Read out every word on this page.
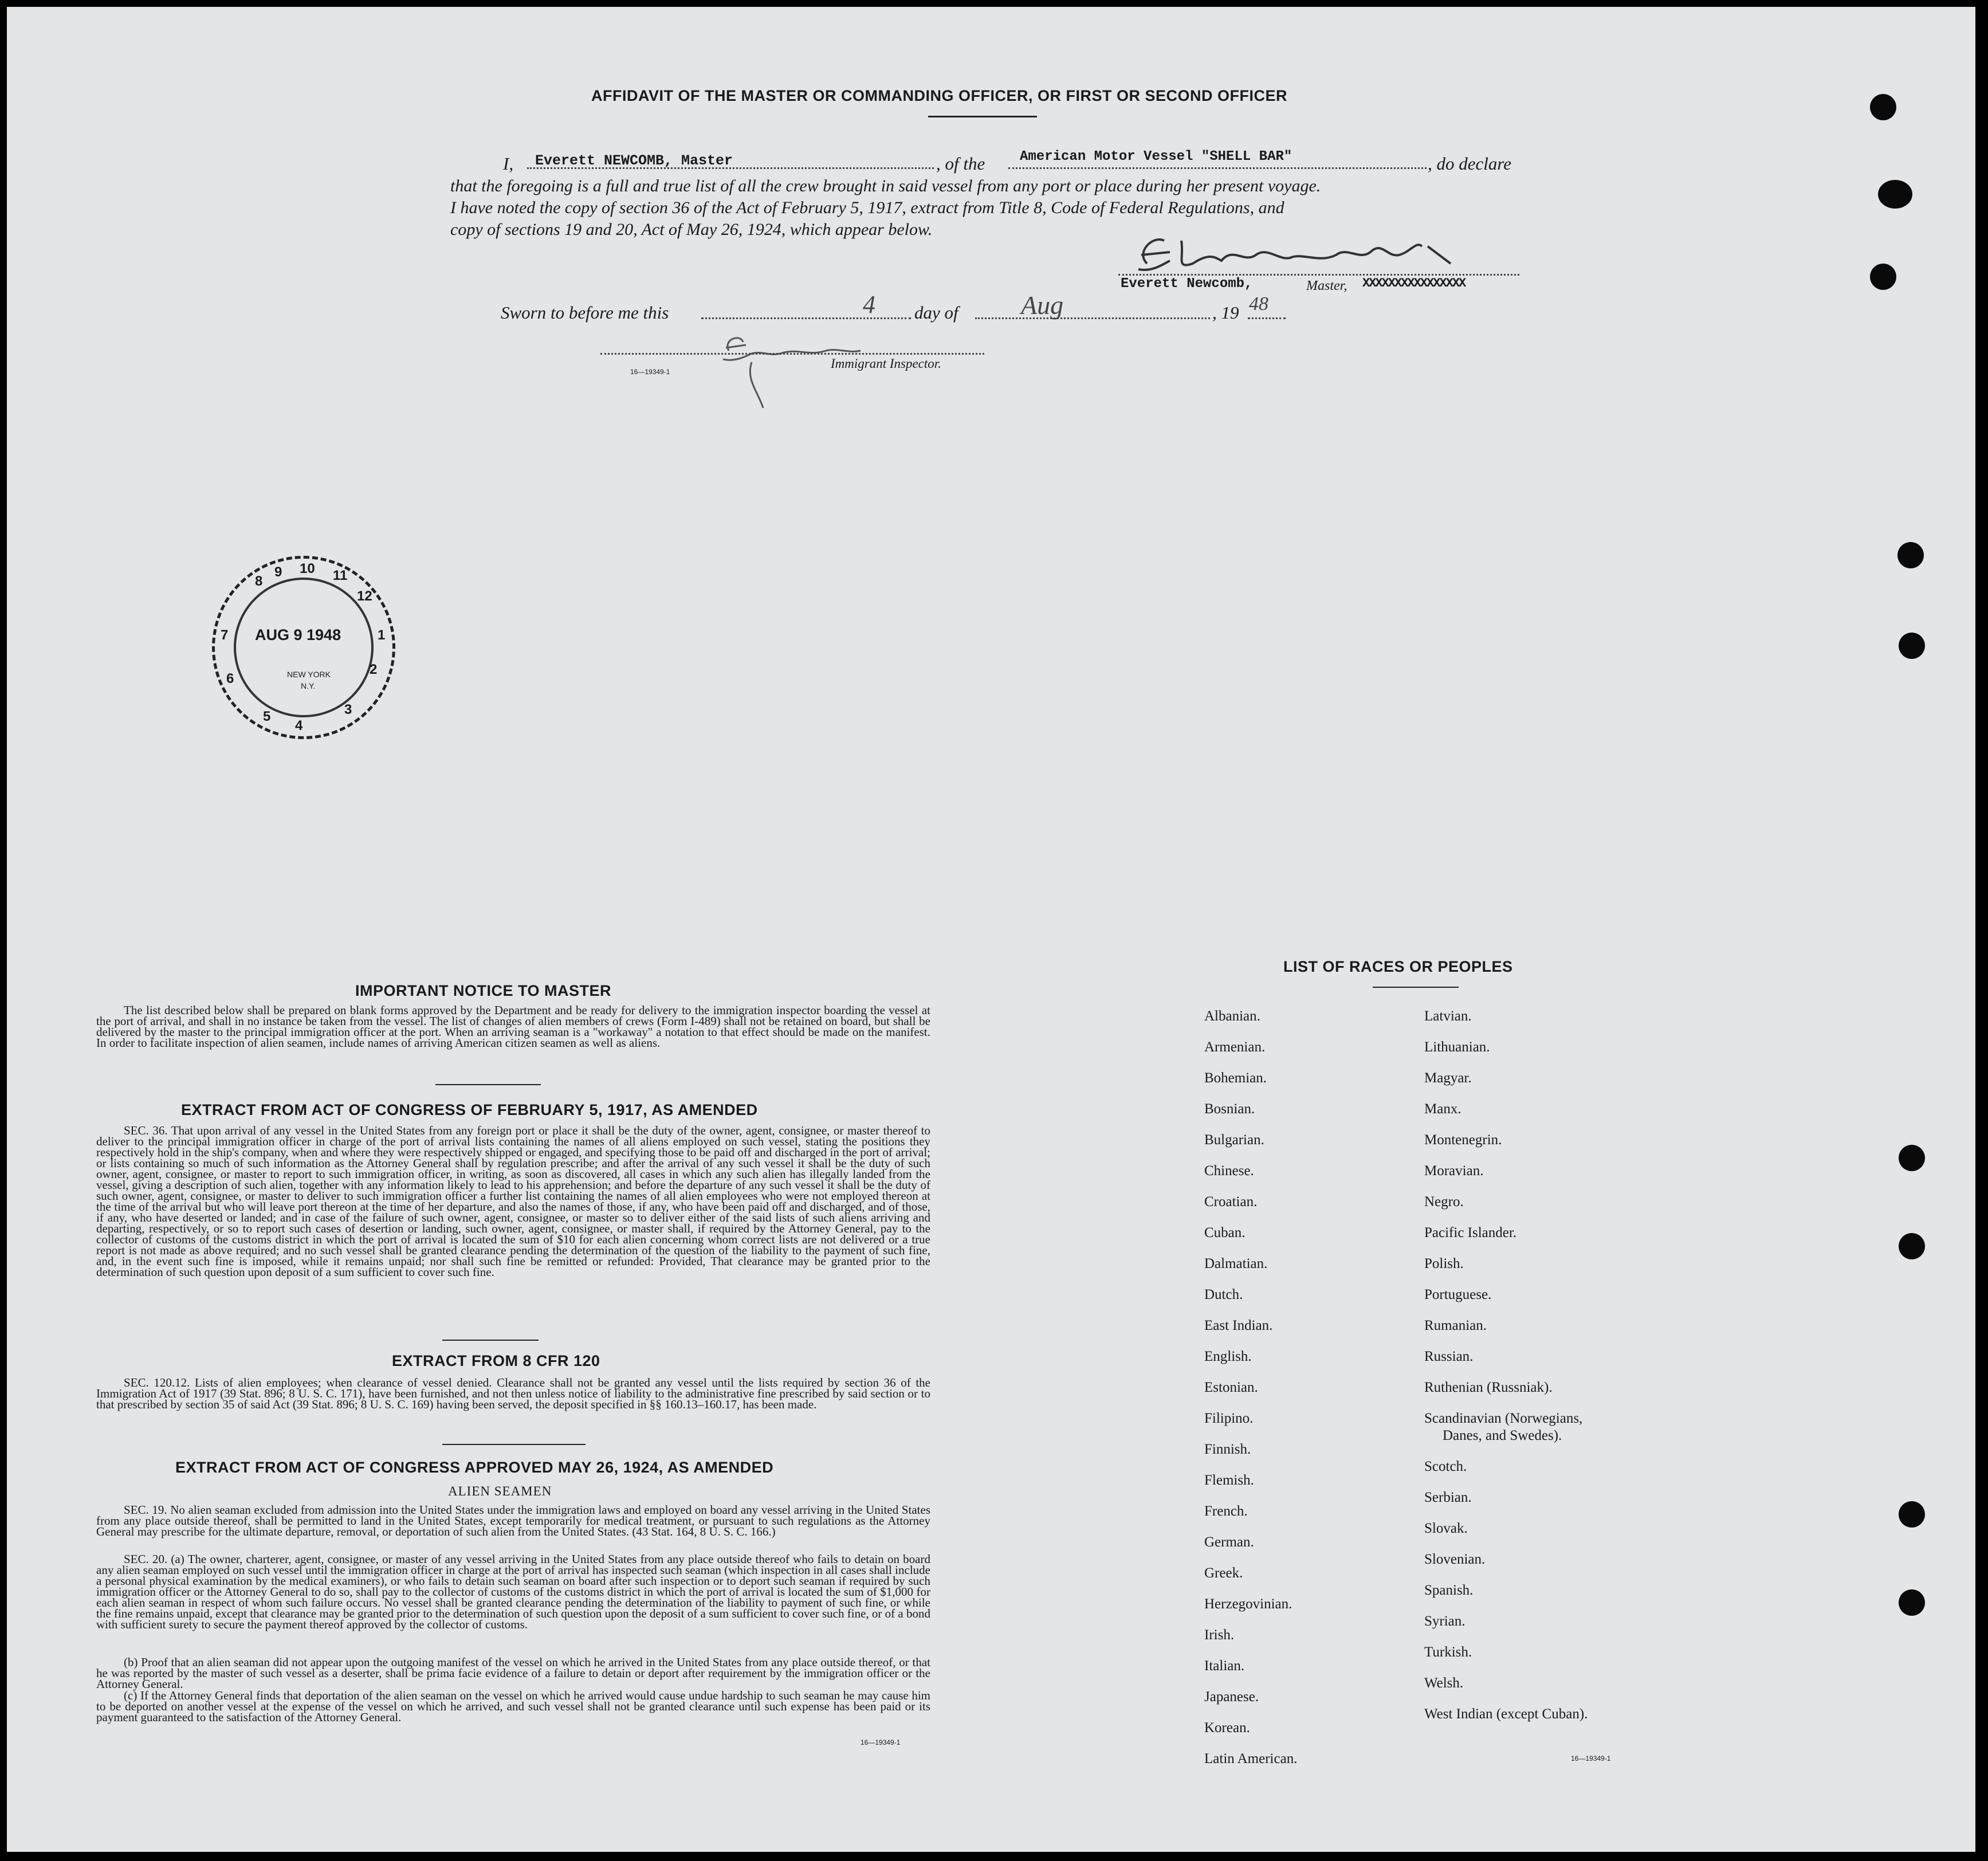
AFFIDAVIT OF THE MASTER OR COMMANDING OFFICER, OR FIRST OR SECOND OFFICER
I, Everett NEWCOMB, Master	, of the	American Motor Vessel "SHELL BAR"	, do declare
that the foregoing is a full and true list of all the crew brought in said vessel from any port or place during her present voyage.
I have noted the copy of section 36 of the Act of February 5, 1917, extract from Title 8, Code of Federal Regulations, and
copy of sections 19 and 20, Act of May 26, 1924, which appear below.
Everett Newcomb,	Master, XXXXXXXXXXXXXXXX
Sworn to before me this	4 day of Aug	, 19 48
16—19349-1
Immigrant Inspector.
8
9 10 11
12
1
2
3
4
5
6
7 AUG 9 1948
NEW YORK
N.Y.
IMPORTANT NOTICE TO MASTER
The list described below shall be prepared on blank forms approved by the Department and be ready for delivery to the immigration inspector boarding the vessel at the port of arrival, and shall in no instance be taken from the vessel. The list of changes of alien members of crews (Form I-489) shall not be retained on board, but shall be delivered by the master to the principal immigration officer at the port. When an arriving seaman is a "workaway" a notation to that effect should be made on the manifest. In order to facilitate inspection of alien seamen, include names of arriving American citizen seamen as well as aliens.
EXTRACT FROM ACT OF CONGRESS OF FEBRUARY 5, 1917, AS AMENDED
SEC. 36. That upon arrival of any vessel in the United States from any foreign port or place it shall be the duty of the owner, agent, consignee, or master thereof to deliver to the principal immigration officer in charge of the port of arrival lists containing the names of all aliens employed on such vessel, stating the positions they respectively hold in the ship's company, when and where they were respectively shipped or engaged, and specifying those to be paid off and discharged in the port of arrival; or lists containing so much of such information as the Attorney General shall by regulation prescribe; and after the arrival of any such vessel it shall be the duty of such owner, agent, consignee, or master to report to such immigration officer, in writing, as soon as discovered, all cases in which any such alien has illegally landed from the vessel, giving a description of such alien, together with any information likely to lead to his apprehension; and before the departure of any such vessel it shall be the duty of such owner, agent, consignee, or master to deliver to such immigration officer a further list containing the names of all alien employees who were not employed thereon at the time of the arrival but who will leave port thereon at the time of her departure, and also the names of those, if any, who have been paid off and discharged, and of those, if any, who have deserted or landed; and in case of the failure of such owner, agent, consignee, or master so to deliver either of the said lists of such aliens arriving and departing, respectively, or so to report such cases of desertion or landing, such owner, agent, consignee, or master shall, if required by the Attorney General, pay to the collector of customs of the customs district in which the port of arrival is located the sum of $10 for each alien concerning whom correct lists are not delivered or a true report is not made as above required; and no such vessel shall be granted clearance pending the determination of the question of the liability to the payment of such fine, and, in the event such fine is imposed, while it remains unpaid; nor shall such fine be remitted or refunded: Provided, That clearance may be granted prior to the determination of such question upon deposit of a sum sufficient to cover such fine.
EXTRACT FROM 8 CFR 120
SEC. 120.12. Lists of alien employees; when clearance of vessel denied. Clearance shall not be granted any vessel until the lists required by section 36 of the Immigration Act of 1917 (39 Stat. 896; 8 U. S. C. 171), have been furnished, and not then unless notice of liability to the administrative fine prescribed by said section or to that prescribed by section 35 of said Act (39 Stat. 896; 8 U. S. C. 169) having been served, the deposit specified in §§ 160.13–160.17, has been made.
EXTRACT FROM ACT OF CONGRESS APPROVED MAY 26, 1924, AS AMENDED
ALIEN SEAMEN
SEC. 19. No alien seaman excluded from admission into the United States under the immigration laws and employed on board any vessel arriving in the United States from any place outside thereof, shall be permitted to land in the United States, except temporarily for medical treatment, or pursuant to such regulations as the Attorney General may prescribe for the ultimate departure, removal, or deportation of such alien from the United States. (43 Stat. 164, 8 U. S. C. 166.)
SEC. 20. (a) The owner, charterer, agent, consignee, or master of any vessel arriving in the United States from any place outside thereof who fails to detain on board any alien seaman employed on such vessel until the immigration officer in charge at the port of arrival has inspected such seaman (which inspection in all cases shall include a personal physical examination by the medical examiners), or who fails to detain such seaman on board after such inspection or to deport such seaman if required by such immigration officer or the Attorney General to do so, shall pay to the collector of customs of the customs district in which the port of arrival is located the sum of $1,000 for each alien seaman in respect of whom such failure occurs. No vessel shall be granted clearance pending the determination of the liability to payment of such fine, or while the fine remains unpaid, except that clearance may be granted prior to the determination of such question upon the deposit of a sum sufficient to cover such fine, or of a bond with sufficient surety to secure the payment thereof approved by the collector of customs.
(b) Proof that an alien seaman did not appear upon the outgoing manifest of the vessel on which he arrived in the United States from any place outside thereof, or that he was reported by the master of such vessel as a deserter, shall be prima facie evidence of a failure to detain or deport after requirement by the immigration officer or the Attorney General.
(c) If the Attorney General finds that deportation of the alien seaman on the vessel on which he arrived would cause undue hardship to such seaman he may cause him to be deported on another vessel at the expense of the vessel on which he arrived, and such vessel shall not be granted clearance until such expense has been paid or its payment guaranteed to the satisfaction of the Attorney General.
16—19349-1
LIST OF RACES OR PEOPLES
Albanian.
Armenian.
Bohemian.
Bosnian.
Bulgarian.
Chinese.
Croatian.
Cuban.
Dalmatian.
Dutch.
East Indian.
English.
Estonian.
Filipino.
Finnish.
Flemish.
French.
German.
Greek.
Herzegovinian.
Irish.
Italian.
Japanese.
Korean.
Latin American.
Latvian.
Lithuanian.
Magyar.
Manx.
Montenegrin.
Moravian.
Negro.
Pacific Islander.
Polish.
Portuguese.
Rumanian.
Russian.
Ruthenian (Russniak).
Scandinavian (Norwegians,
Danes, and Swedes).
Scotch.
Serbian.
Slovak.
Slovenian.
Spanish.
Syrian.
Turkish.
Welsh.
West Indian (except Cuban).
16—19349-1
